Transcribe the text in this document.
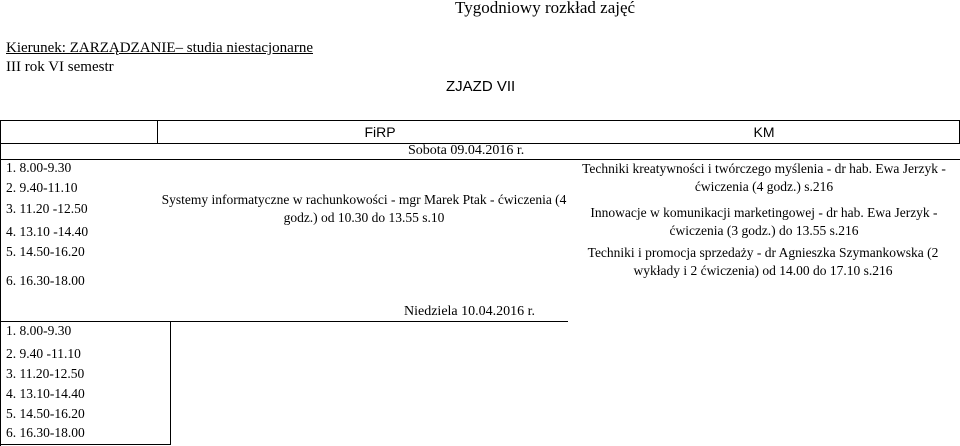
Tygodniowy rozkład zajęć
Kierunek: ZARZĄDZANIE– studia niestacjonarne
III rok VI semestr
ZJAZD VII
FiRP	KM
Sobota 09.04.2016 r.
1. 8.00-9.30
2. 9.40-11.10
3. 11.20 -12.50
4. 13.10 -14.40
5. 14.50-16.20
6. 16.30-18.00
Systemy informatyczne w rachunkowości - mgr Marek Ptak - ćwiczenia (4 godz.) od 10.30 do 13.55 s.10
Techniki kreatywności i twórczego myślenia - dr hab. Ewa Jerzyk - ćwiczenia (4 godz.) s.216
Innowacje w komunikacji marketingowej - dr hab. Ewa Jerzyk - ćwiczenia (3 godz.) do 13.55 s.216
Techniki i promocja sprzedaży - dr Agnieszka Szymankowska (2 wykłady i 2 ćwiczenia) od 14.00 do 17.10 s.216
Niedziela 10.04.2016 r.
1. 8.00-9.30
2. 9.40 -11.10
3. 11.20-12.50
4. 13.10-14.40
5. 14.50-16.20
6. 16.30-18.00
